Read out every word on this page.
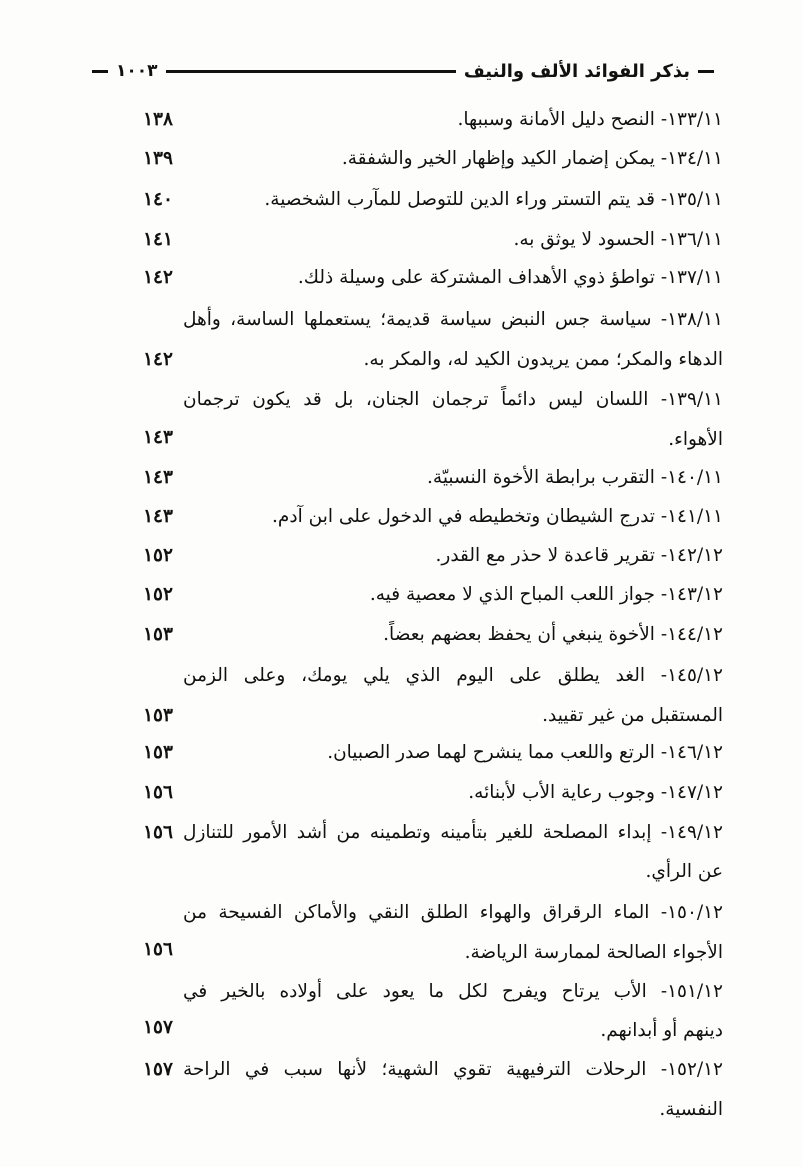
بذكر الفوائد الألف والنيف
١٠٠٣
١٣٣/١١- النصح دليل الأمانة وسببها.
١٣٨
١٣٤/١١- يمكن إضمار الكيد وإظهار الخير والشفقة.
١٣٩
١٣٥/١١- قد يتم التستر وراء الدين للتوصل للمآرب الشخصية.
١٤٠
١٣٦/١١- الحسود لا يوثق به.
١٤١
١٣٧/١١- تواطؤ ذوي الأهداف المشتركة على وسيلة ذلك.
١٤٢
١٣٨/١١- سياسة جس النبض سياسة قديمة؛ يستعملها الساسة، وأهل
الدهاء والمكر؛ ممن يريدون الكيد له، والمكر به.
١٤٢
١٣٩/١١- اللسان ليس دائماً ترجمان الجنان، بل قد يكون ترجمان
الأهواء.
١٤٣
١٤٠/١١- التقرب برابطة الأخوة النسبيّة.
١٤٣
١٤١/١١- تدرج الشيطان وتخطيطه في الدخول على ابن آدم.
١٤٣
١٤٢/١٢- تقرير قاعدة لا حذر مع القدر.
١٥٢
١٤٣/١٢- جواز اللعب المباح الذي لا معصية فيه.
١٥٢
١٤٤/١٢- الأخوة ينبغي أن يحفظ بعضهم بعضاً.
١٥٣
١٤٥/١٢- الغد يطلق على اليوم الذي يلي يومك، وعلى الزمن
المستقبل من غير تقييد.
١٥٣
١٤٦/١٢- الرتع واللعب مما ينشرح لهما صدر الصبيان.
١٥٣
١٤٧/١٢- وجوب رعاية الأب لأبنائه.
١٥٦
١٤٩/١٢- إبداء المصلحة للغير بتأمينه وتطمينه من أشد الأمور للتنازل
عن الرأي.
١٥٦
١٥٠/١٢- الماء الرقراق والهواء الطلق النقي والأماكن الفسيحة من
الأجواء الصالحة لممارسة الرياضة.
١٥٦
١٥١/١٢- الأب يرتاح ويفرح لكل ما يعود على أولاده بالخير في
دينهم أو أبدانهم.
١٥٧
١٥٢/١٢- الرحلات الترفيهية تقوي الشهية؛ لأنها سبب في الراحة
النفسية.
١٥٧
